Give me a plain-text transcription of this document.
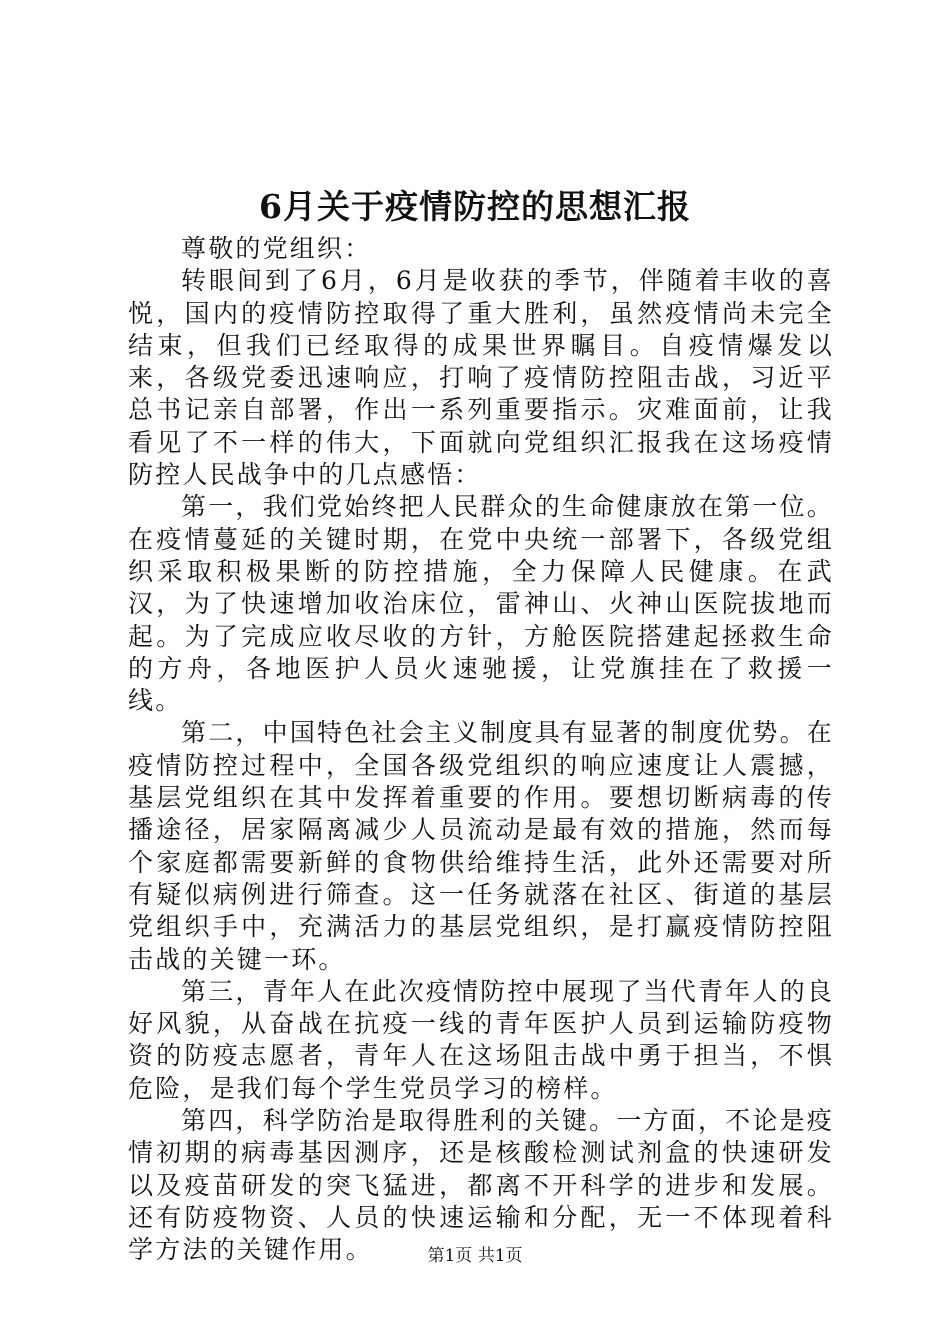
6月关于疫情防控的思想汇报

尊敬的党组织：

转眼间到了6月，6月是收获的季节，伴随着丰收的喜悦，国内的疫情防控取得了重大胜利，虽然疫情尚未完全结束，但我们已经取得的成果世界瞩目。自疫情爆发以来，各级党委迅速响应，打响了疫情防控阻击战，习近平总书记亲自部署，作出一系列重要指示。灾难面前，让我看见了不一样的伟大，下面就向党组织汇报我在这场疫情防控人民战争中的几点感悟：

第一，我们党始终把人民群众的生命健康放在第一位。在疫情蔓延的关键时期，在党中央统一部署下，各级党组织采取积极果断的防控措施，全力保障人民健康。在武汉，为了快速增加收治床位，雷神山、火神山医院拔地而起。为了完成应收尽收的方针，方舱医院搭建起拯救生命的方舟，各地医护人员火速驰援，让党旗挂在了救援一线。

第二，中国特色社会主义制度具有显著的制度优势。在疫情防控过程中，全国各级党组织的响应速度让人震撼，基层党组织在其中发挥着重要的作用。要想切断病毒的传播途径，居家隔离减少人员流动是最有效的措施，然而每个家庭都需要新鲜的食物供给维持生活，此外还需要对所有疑似病例进行筛查。这一任务就落在社区、街道的基层党组织手中，充满活力的基层党组织，是打赢疫情防控阻击战的关键一环。

第三，青年人在此次疫情防控中展现了当代青年人的良好风貌，从奋战在抗疫一线的青年医护人员到运输防疫物资的防疫志愿者，青年人在这场阻击战中勇于担当，不惧危险，是我们每个学生党员学习的榜样。

第四，科学防治是取得胜利的关键。一方面，不论是疫情初期的病毒基因测序，还是核酸检测试剂盒的快速研发以及疫苗研发的突飞猛进，都离不开科学的进步和发展。还有防疫物资、人员的快速运输和分配，无一不体现着科学方法的关键作用。	第1页 共1页
